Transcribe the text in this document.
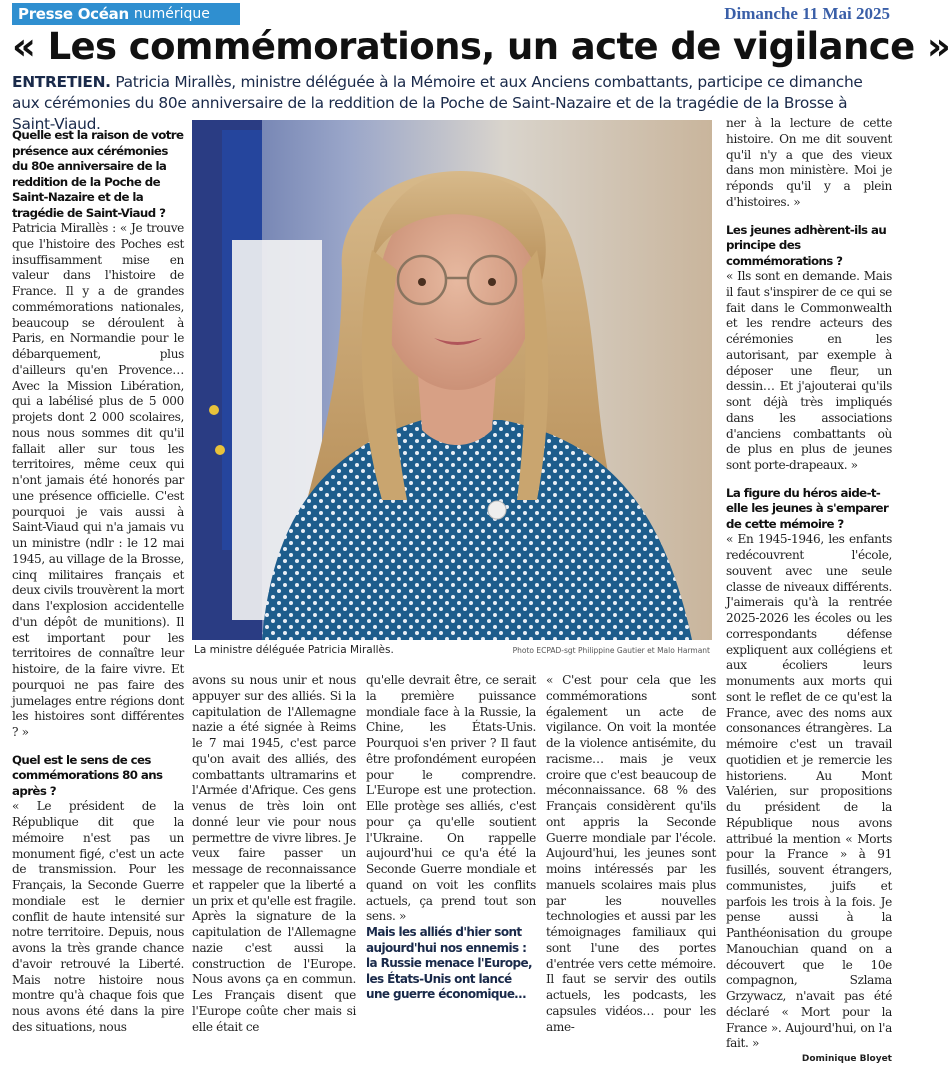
Presse Océan numérique	Dimanche 11 Mai 2025
« Les commémorations, un acte de vigilance »
ENTRETIEN. Patricia Mirallès, ministre déléguée à la Mémoire et aux Anciens combattants, participe ce dimanche aux cérémonies du 80e anniversaire de la reddition de la Poche de Saint-Nazaire et de la tragédie de la Brosse à Saint-Viaud.

Quelle est la raison de votre présence aux cérémonies du 80e anniversaire de la reddition de la Poche de Saint-Nazaire et de la tragédie de Saint-Viaud ?

Patricia Mirallès : « Je trouve que l'histoire des Poches est insuffisamment mise en valeur dans l'histoire de France. Il y a de grandes commémorations nationales, beaucoup se déroulent à Paris, en Normandie pour le débarquement, plus d'ailleurs qu'en Provence… Avec la Mission Libération, qui a labélisé plus de 5 000 projets dont 2 000 scolaires, nous nous sommes dit qu'il fallait aller sur tous les territoires, même ceux qui n'ont jamais été honorés par une présence officielle. C'est pourquoi je vais aussi à Saint-Viaud qui n'a jamais vu un ministre (ndlr : le 12 mai 1945, au village de la Brosse, cinq militaires français et deux civils trouvèrent la mort dans l'explosion accidentelle d'un dépôt de munitions). Il est important pour les territoires de connaître leur histoire, de la faire vivre. Et pourquoi ne pas faire des jumelages entre régions dont les histoires sont différentes ? »

Quel est le sens de ces commémorations 80 ans après ?

« Le président de la République dit que la mémoire n'est pas un monument figé, c'est un acte de transmission. Pour les Français, la Seconde Guerre mondiale est le dernier conflit de haute intensité sur notre territoire. Depuis, nous avons la très grande chance d'avoir retrouvé la Liberté. Mais notre histoire nous montre qu'à chaque fois que nous avons été dans la pire des situations, nous

La ministre déléguée Patricia Mirallès.	Photo ECPAD-sgt Philippine Gautier et Malo Harmant

avons su nous unir et nous appuyer sur des alliés. Si la capitulation de l'Allemagne nazie a été signée à Reims le 7 mai 1945, c'est parce qu'on avait des alliés, des combattants ultramarins et l'Armée d'Afrique. Ces gens venus de très loin ont donné leur vie pour nous permettre de vivre libres. Je veux faire passer un message de reconnaissance et rappeler que la liberté a un prix et qu'elle est fragile. Après la signature de la capitulation de l'Allemagne nazie c'est aussi la construction de l'Europe. Nous avons ça en commun. Les Français disent que l'Europe coûte cher mais si elle était ce

qu'elle devrait être, ce serait la première puissance mondiale face à la Russie, la Chine, les États-Unis. Pourquoi s'en priver ? Il faut être profondément européen pour le comprendre. L'Europe est une protection. Elle protège ses alliés, c'est pour ça qu'elle soutient l'Ukraine. On rappelle aujourd'hui ce qu'a été la Seconde Guerre mondiale et quand on voit les conflits actuels, ça prend tout son sens. »

Mais les alliés d'hier sont aujourd'hui nos ennemis : la Russie menace l'Europe, les États-Unis ont lancé une guerre économique…

« C'est pour cela que les commémorations sont également un acte de vigilance. On voit la montée de la violence antisémite, du racisme… mais je veux croire que c'est beaucoup de méconnaissance. 68 % des Français considèrent qu'ils ont appris la Seconde Guerre mondiale par l'école. Aujourd'hui, les jeunes sont moins intéressés par les manuels scolaires mais plus par les nouvelles technologies et aussi par les témoignages familiaux qui sont l'une des portes d'entrée vers cette mémoire. Il faut se servir des outils actuels, les podcasts, les capsules vidéos… pour les ame-

ner à la lecture de cette histoire. On me dit souvent qu'il n'y a que des vieux dans mon ministère. Moi je réponds qu'il y a plein d'histoires. »

Les jeunes adhèrent-ils au principe des commémorations ?

« Ils sont en demande. Mais il faut s'inspirer de ce qui se fait dans le Commonwealth et les rendre acteurs des cérémonies en les autorisant, par exemple à déposer une fleur, un dessin… Et j'ajouterai qu'ils sont déjà très impliqués dans les associations d'anciens combattants où de plus en plus de jeunes sont porte-drapeaux. »

La figure du héros aide-t-elle les jeunes à s'emparer de cette mémoire ?

« En 1945-1946, les enfants redécouvrent l'école, souvent avec une seule classe de niveaux différents. J'aimerais qu'à la rentrée 2025-2026 les écoles ou les correspondants défense expliquent aux collégiens et aux écoliers leurs monuments aux morts qui sont le reflet de ce qu'est la France, avec des noms aux consonances étrangères. La mémoire c'est un travail quotidien et je remercie les historiens. Au Mont Valérien, sur propositions du président de la République nous avons attribué la mention « Morts pour la France » à 91 fusillés, souvent étrangers, communistes, juifs et parfois les trois à la fois. Je pense aussi à la Panthéonisation du groupe Manouchian quand on a découvert que le 10e compagnon, Szlama Grzywacz, n'avait pas été déclaré « Mort pour la France ». Aujourd'hui, on l'a fait. »

Dominique Bloyet
